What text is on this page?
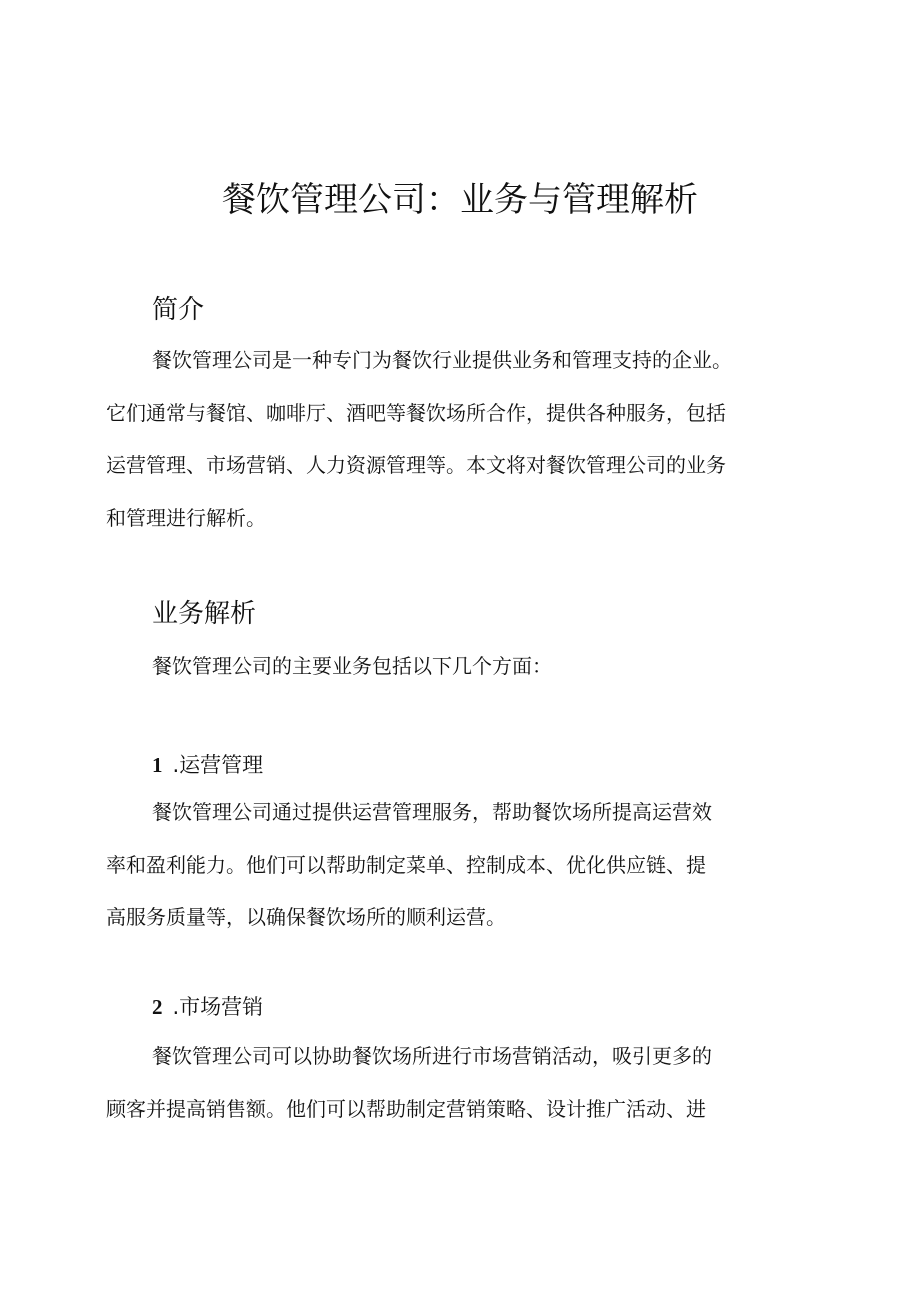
餐饮管理公司：业务与管理解析
简介
餐饮管理公司是一种专门为餐饮行业提供业务和管理支持的企业。
它们通常与餐馆、咖啡厅、酒吧等餐饮场所合作，提供各种服务，包括
运营管理、市场营销、人力资源管理等。本文将对餐饮管理公司的业务
和管理进行解析。
业务解析
餐饮管理公司的主要业务包括以下几个方面：
1 .运营管理
餐饮管理公司通过提供运营管理服务，帮助餐饮场所提高运营效
率和盈利能力。他们可以帮助制定菜单、控制成本、优化供应链、提
高服务质量等，以确保餐饮场所的顺利运营。
2 .市场营销
餐饮管理公司可以协助餐饮场所进行市场营销活动，吸引更多的
顾客并提高销售额。他们可以帮助制定营销策略、设计推广活动、进
